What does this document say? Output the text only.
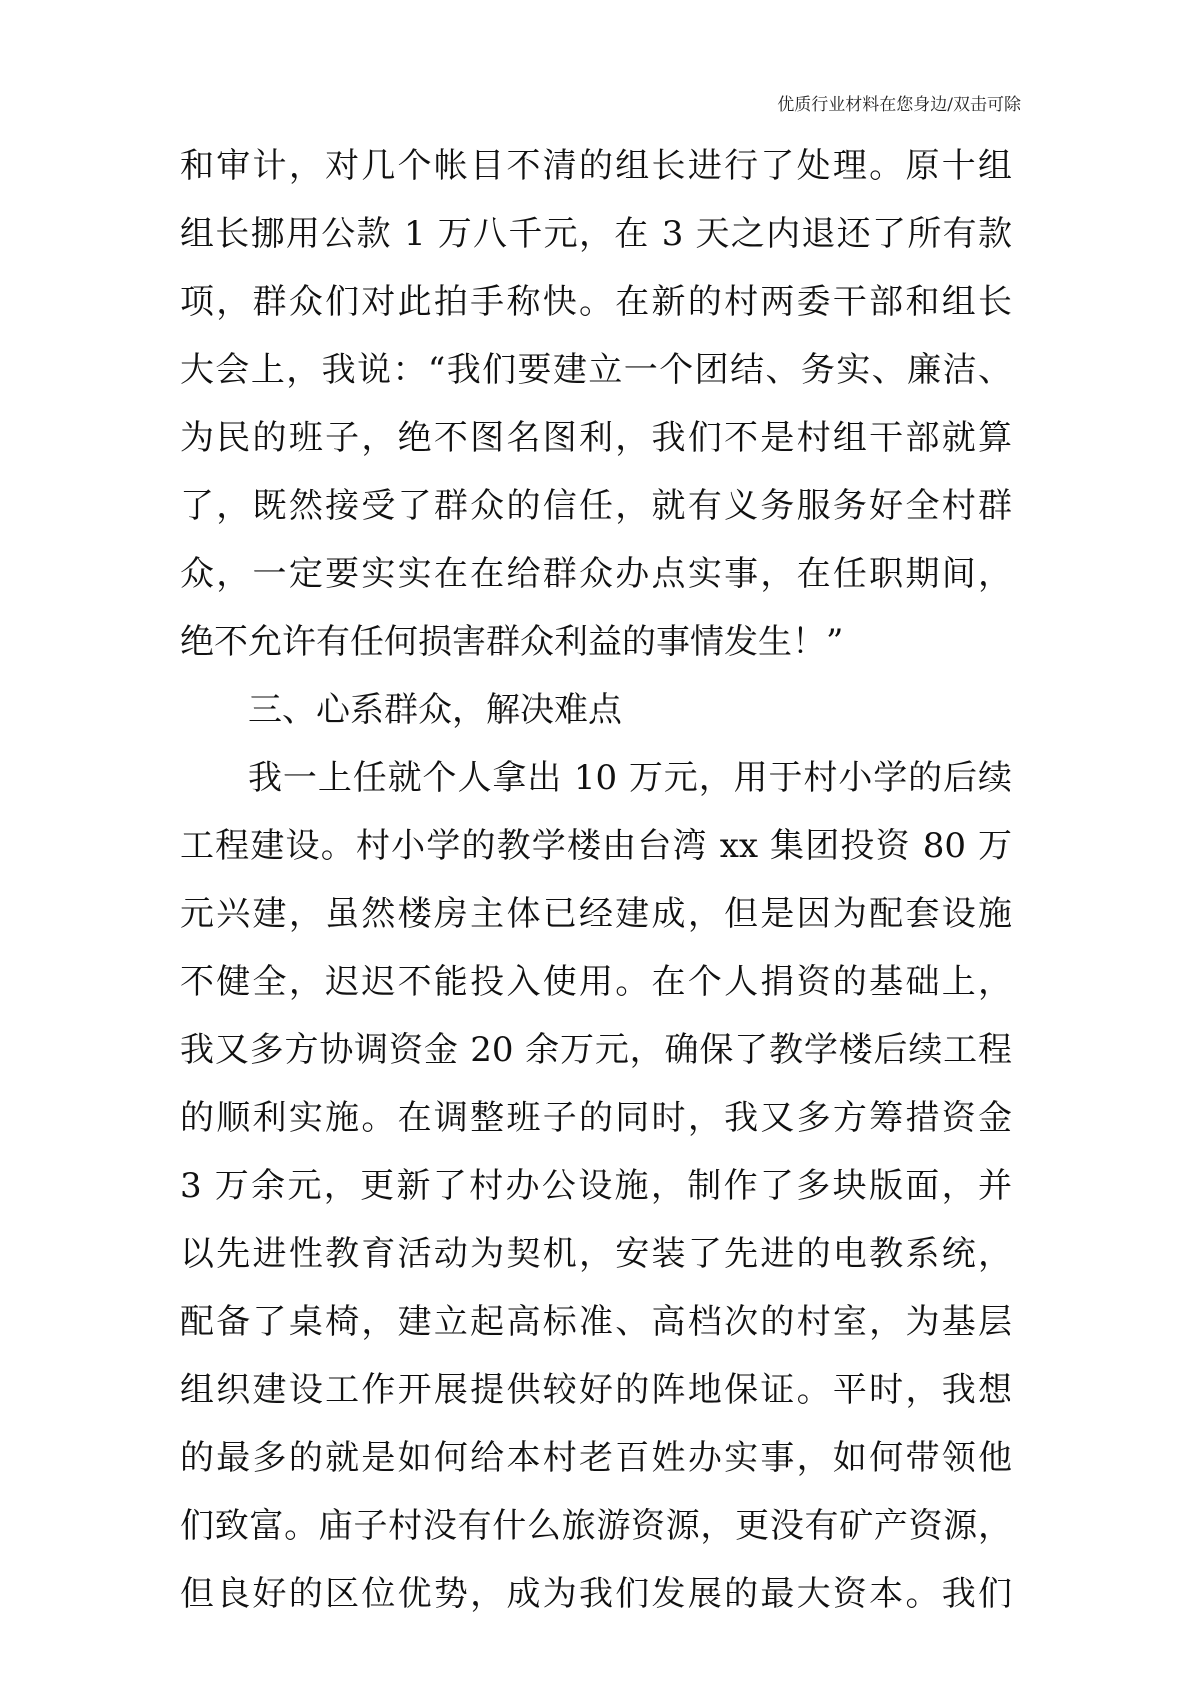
优质行业材料在您身边/双击可除
和审计，对几个帐目不清的组长进行了处理。原十组
组长挪用公款 1 万八千元，在 3 天之内退还了所有款
项，群众们对此拍手称快。在新的村两委干部和组长
大会上，我说：“我们要建立一个团结、务实、廉洁、
为民的班子，绝不图名图利，我们不是村组干部就算
了，既然接受了群众的信任，就有义务服务好全村群
众，一定要实实在在给群众办点实事，在任职期间，
绝不允许有任何损害群众利益的事情发生！”
三、心系群众，解决难点
我一上任就个人拿出 10 万元，用于村小学的后续
工程建设。村小学的教学楼由台湾 xx 集团投资 80 万
元兴建，虽然楼房主体已经建成，但是因为配套设施
不健全，迟迟不能投入使用。在个人捐资的基础上，
我又多方协调资金 20 余万元，确保了教学楼后续工程
的顺利实施。在调整班子的同时，我又多方筹措资金
3 万余元，更新了村办公设施，制作了多块版面，并
以先进性教育活动为契机，安装了先进的电教系统，
配备了桌椅，建立起高标准、高档次的村室，为基层
组织建设工作开展提供较好的阵地保证。平时，我想
的最多的就是如何给本村老百姓办实事，如何带领他
们致富。庙子村没有什么旅游资源，更没有矿产资源，
但良好的区位优势，成为我们发展的最大资本。我们
